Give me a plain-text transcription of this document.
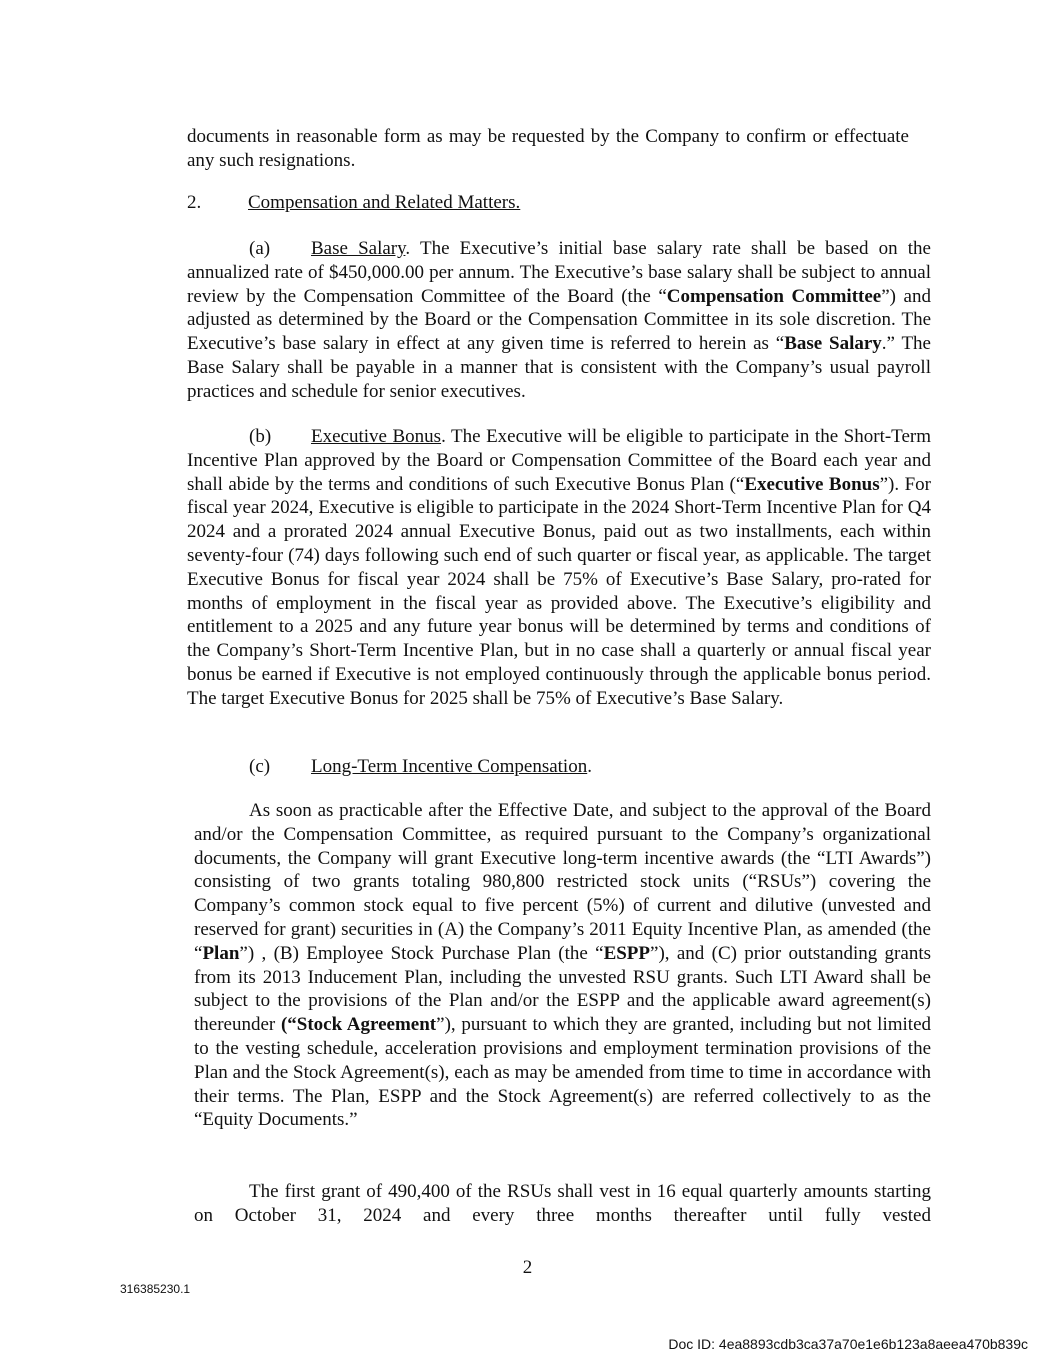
documents in reasonable form as may be requested by the Company to confirm or effectuate any such resignations.

2. Compensation and Related Matters.

(a) Base Salary. The Executive’s initial base salary rate shall be based on the annualized rate of $450,000.00 per annum. The Executive’s base salary shall be subject to annual review by the Compensation Committee of the Board (the “Compensation Committee”) and adjusted as determined by the Board or the Compensation Committee in its sole discretion. The Executive’s base salary in effect at any given time is referred to herein as “Base Salary.” The Base Salary shall be payable in a manner that is consistent with the Company’s usual payroll practices and schedule for senior executives.

(b) Executive Bonus. The Executive will be eligible to participate in the Short-Term Incentive Plan approved by the Board or Compensation Committee of the Board each year and shall abide by the terms and conditions of such Executive Bonus Plan (“Executive Bonus”). For fiscal year 2024, Executive is eligible to participate in the 2024 Short-Term Incentive Plan for Q4 2024 and a prorated 2024 annual Executive Bonus, paid out as two installments, each within seventy-four (74) days following such end of such quarter or fiscal year, as applicable. The target Executive Bonus for fiscal year 2024 shall be 75% of Executive’s Base Salary, pro-rated for months of employment in the fiscal year as provided above. The Executive’s eligibility and entitlement to a 2025 and any future year bonus will be determined by terms and conditions of the Company’s Short-Term Incentive Plan, but in no case shall a quarterly or annual fiscal year bonus be earned if Executive is not employed continuously through the applicable bonus period. The target Executive Bonus for 2025 shall be 75% of Executive’s Base Salary.

(c) Long-Term Incentive Compensation.

As soon as practicable after the Effective Date, and subject to the approval of the Board and/or the Compensation Committee, as required pursuant to the Company’s organizational documents, the Company will grant Executive long-term incentive awards (the “LTI Awards”) consisting of two grants totaling 980,800 restricted stock units (“RSUs”) covering the Company’s common stock equal to five percent (5%) of current and dilutive (unvested and reserved for grant) securities in (A) the Company’s 2011 Equity Incentive Plan, as amended (the “Plan”) , (B) Employee Stock Purchase Plan (the “ESPP”), and (C) prior outstanding grants from its 2013 Inducement Plan, including the unvested RSU grants. Such LTI Award shall be subject to the provisions of the Plan and/or the ESPP and the applicable award agreement(s) thereunder (“Stock Agreement”), pursuant to which they are granted, including but not limited to the vesting schedule, acceleration provisions and employment termination provisions of the Plan and the Stock Agreement(s), each as may be amended from time to time in accordance with their terms. The Plan, ESPP and the Stock Agreement(s) are referred collectively to as the “Equity Documents.”

The first grant of 490,400 of the RSUs shall vest in 16 equal quarterly amounts starting on October 31, 2024 and every three months thereafter until fully vested

2
316385230.1
Doc ID: 4ea8893cdb3ca37a70e1e6b123a8aeea470b839c
